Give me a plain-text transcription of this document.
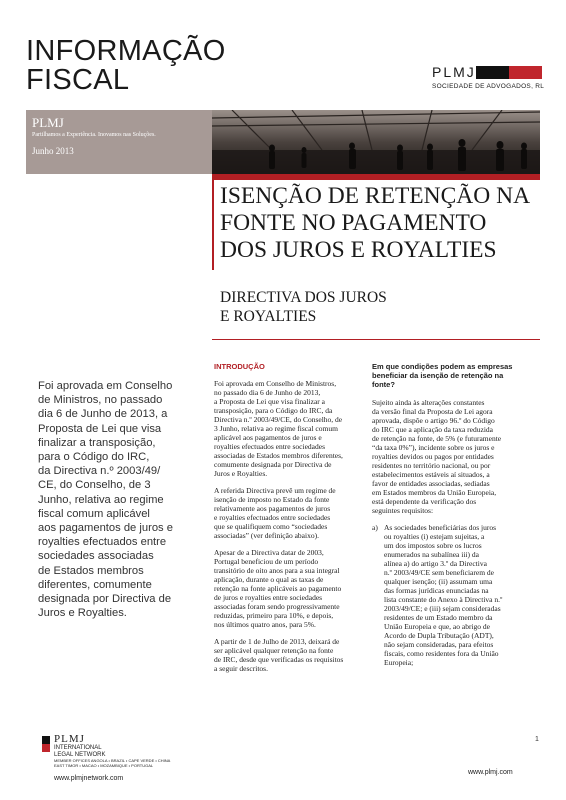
INFORMAÇÃO
FISCAL	PLMJ
SOCIEDADE DE ADVOGADOS, RL
PLMJ
Partilhamos a Experiência. Inovamos nas Soluções.
Junho 2013
ISENÇÃO DE RETENÇÃO NA
FONTE NO PAGAMENTO
DOS JUROS E ROYALTIES
DIRECTIVA DOS JUROS
E ROYALTIES
Foi aprovada em Conselho
de Ministros, no passado
dia 6 de Junho de 2013, a
Proposta de Lei que visa
finalizar a transposição,
para o Código do IRC,
da Directiva n.º 2003/49/
CE, do Conselho, de 3
Junho, relativa ao regime
fiscal comum aplicável
aos pagamentos de juros e
royalties efectuados entre
sociedades associadas
de Estados membros
diferentes, comumente
designada por Directiva de
Juros e Royalties.
INTRODUÇÃO

Foi aprovada em Conselho de Ministros,
no passado dia 6 de Junho de 2013,
a Proposta de Lei que visa finalizar a
transposição, para o Código do IRC, da
Directiva n.º 2003/49/CE, do Conselho, de
3 Junho, relativa ao regime fiscal comum
aplicável aos pagamentos de juros e
royalties efectuados entre sociedades
associadas de Estados membros diferentes,
comumente designada por Directiva de
Juros e Royalties.

A referida Directiva prevê um regime de
isenção de imposto no Estado da fonte
relativamente aos pagamentos de juros
e royalties efectuados entre sociedades
que se qualifiquem como “sociedades
associadas” (ver definição abaixo).

Apesar de a Directiva datar de 2003,
Portugal beneficiou de um período
transitório de oito anos para a sua integral
aplicação, durante o qual as taxas de
retenção na fonte aplicáveis ao pagamento
de juros e royalties entre sociedades
associadas foram sendo progressivamente
reduzidas, primeiro para 10%, e depois,
nos últimos quatro anos, para 5%.

A partir de 1 de Julho de 2013, deixará de
ser aplicável qualquer retenção na fonte
de IRC, desde que verificadas os requisitos
a seguir descritos.

Em que condições podem as empresas
beneficiar da isenção de retenção na
fonte?

Sujeito ainda às alterações constantes
da versão final da Proposta de Lei agora
aprovada, dispõe o artigo 96.º do Código
do IRC que a aplicação da taxa reduzida
de retenção na fonte, de 5% (e futuramente
“da taxa 0%”), incidente sobre os juros e
royalties devidos ou pagos por entidades
residentes no território nacional, ou por
estabelecimentos estáveis aí situados, a
favor de entidades associadas, sediadas
em Estados membros da União Europeia,
está dependente da verificação dos
seguintes requisitos:

a) As sociedades beneficiárias dos juros
ou royalties (i) estejam sujeitas, a
um dos impostos sobre os lucros
enumerados na subalínea iii) da
alínea a) do artigo 3.º da Directiva
n.º 2003/49/CE sem beneficiarem de
qualquer isenção; (ii) assumam uma
das formas jurídicas enunciadas na
lista constante do Anexo à Directiva n.º
2003/49/CE; e (iii) sejam consideradas
residentes de um Estado membro da
União Europeia e que, ao abrigo de
Acordo de Dupla Tributação (ADT),
não sejam consideradas, para efeitos
fiscais, como residentes fora da União
Europeia;
1
PLMJ
INTERNATIONAL
LEGAL NETWORK
MEMBER OFFICES ANGOLA • BRAZIL • CAPE VERDE • CHINA
EAST TIMOR • MACAO • MOZAMBIQUE • PORTUGAL
www.plmjnetwork.com
www.plmj.com
